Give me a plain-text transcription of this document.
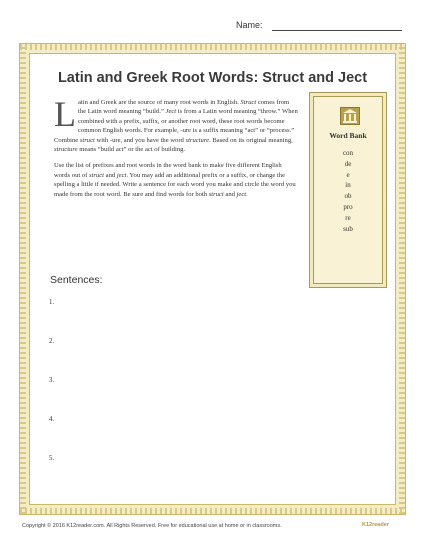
Name:
Latin and Greek Root Words: Struct and Ject
L atin and Greek are the source of many root words in English. Struct comes from the Latin word meaning “build.” Ject is from a Latin word meaning “throw.” When combined with a prefix, suffix, or another root word, these root words become common English words. For example, -ure is a suffix meaning “act” or “process.” Combine struct with -ure, and you have the word structure. Based on its original meaning, structure means “build act” or the act of building.
Use the list of prefixes and root words in the word bank to make five different English words out of struct and ject. You may add an additional prefix or a suffix, or change the spelling a little if needed. Write a sentence for each word you make and circle the word you made from the root word. Be sure and find words for both struct and ject.
Word Bank
con
de
e
in
ob
pro
re
sub
Sentences:
1.
2.
3.
4.
5.
Copyright © 2016 K12reader.com. All Rights Reserved. Free for educational use at home or in classrooms.	K12reader
